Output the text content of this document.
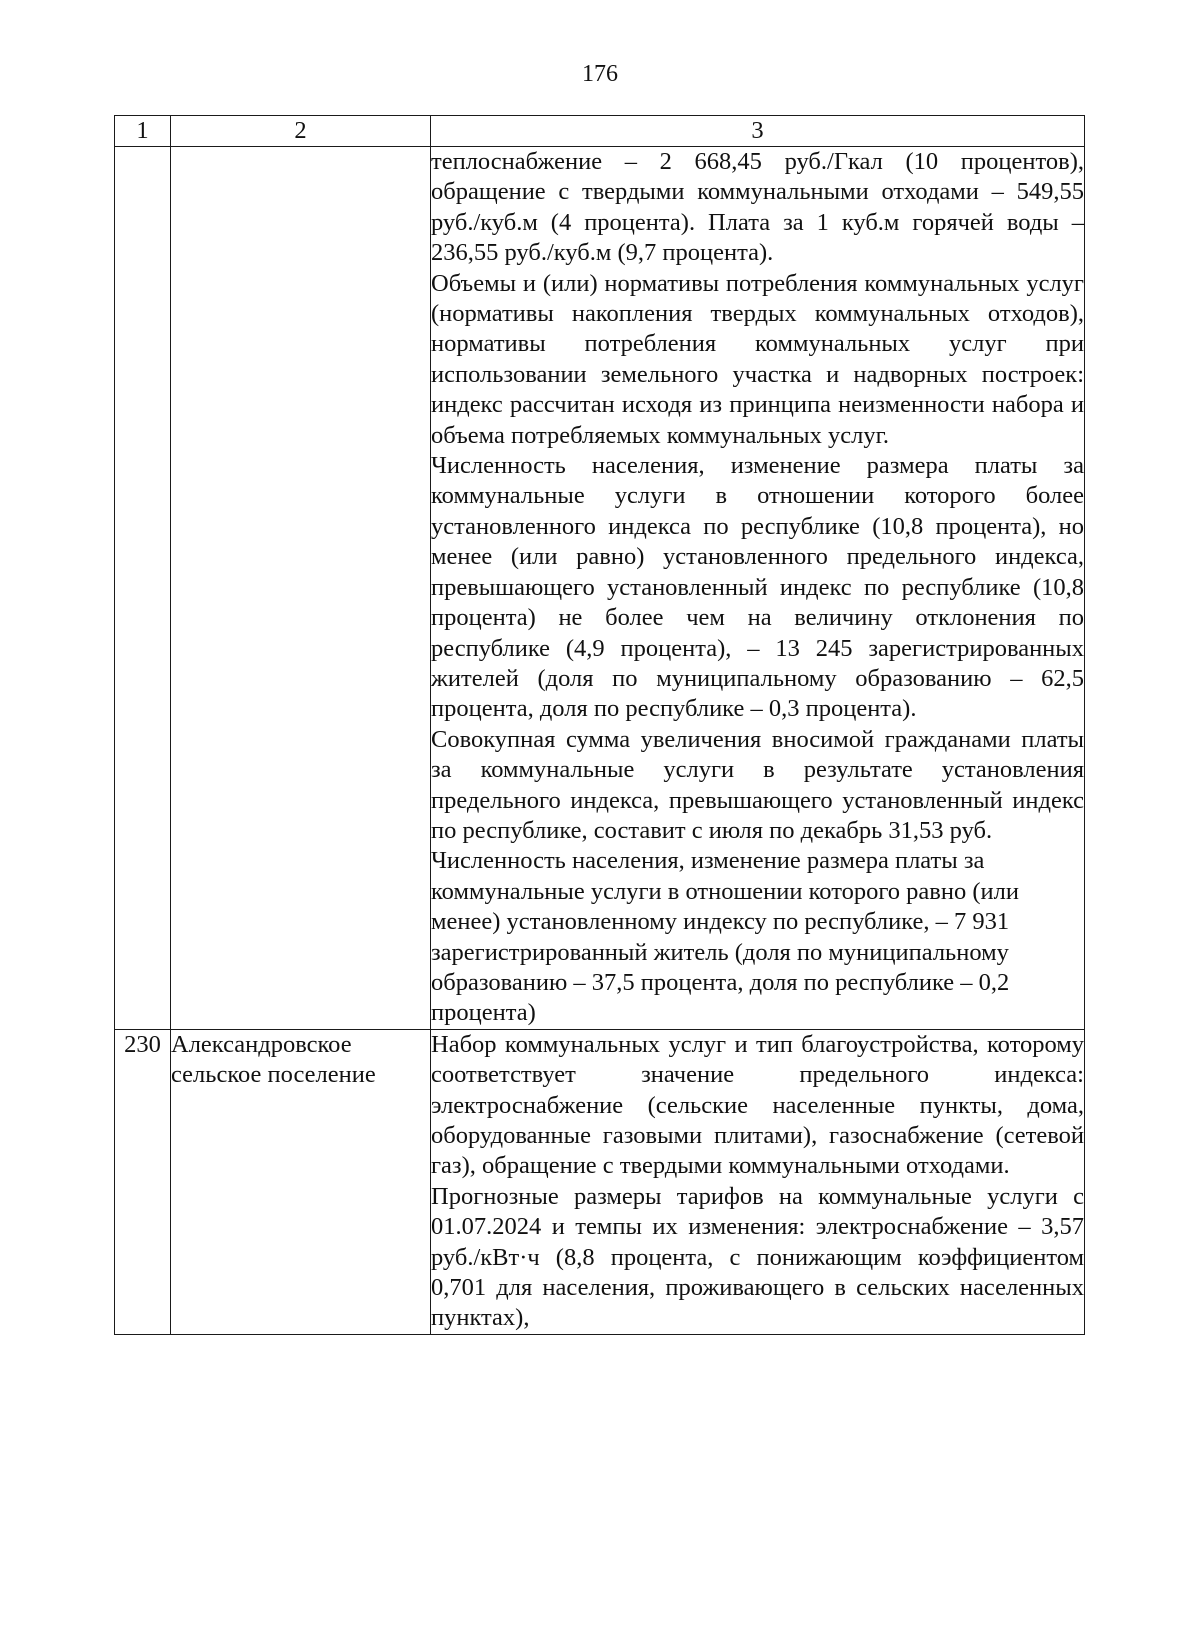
176
1	2	3

		теплоснабжение – 2 668,45 руб./Гкал (10 процентов), обращение с твердыми коммунальными отходами – 549,55 руб./куб.м (4 процента). Плата за 1 куб.м горячей воды – 236,55 руб./куб.м (9,7 процента).

Объемы и (или) нормативы потребления коммунальных услуг (нормативы накопления твердых коммунальных отходов), нормативы потребления коммунальных услуг при использовании земельного участка и надворных построек: индекс рассчитан исходя из принципа неизменности набора и объема потребляемых коммунальных услуг.

Численность населения, изменение размера платы за коммунальные услуги в отношении которого более установленного индекса по республике (10,8 процента), но менее (или равно) установленного предельного индекса, превышающего установленный индекс по республике (10,8 процента) не более чем на величину отклонения по республике (4,9 процента), – 13 245 зарегистрированных жителей (доля по муниципальному образованию – 62,5 процента, доля по республике – 0,3 процента).

Совокупная сумма увеличения вносимой гражданами платы за коммунальные услуги в результате установления предельного индекса, превышающего установленный индекс по республике, составит с июля по декабрь 31,53 руб.

Численность населения, изменение размера платы за коммунальные услуги в отношении которого равно (или менее) установленному индексу по республике, – 7 931 зарегистрированный житель (доля по муниципальному образованию – 37,5 процента, доля по республике – 0,2 процента)

230	Александровское сельское поселение	Набор коммунальных услуг и тип благоустройства, которому соответствует значение предельного индекса: электроснабжение (сельские населенные пункты, дома, оборудованные газовыми плитами), газоснабжение (сетевой газ), обращение с твердыми коммунальными отходами.

Прогнозные размеры тарифов на коммунальные услуги с 01.07.2024 и темпы их изменения: электроснабжение – 3,57 руб./кВт·ч (8,8 процента, с понижающим коэффициентом 0,701 для населения, проживающего в сельских населенных пунктах),
